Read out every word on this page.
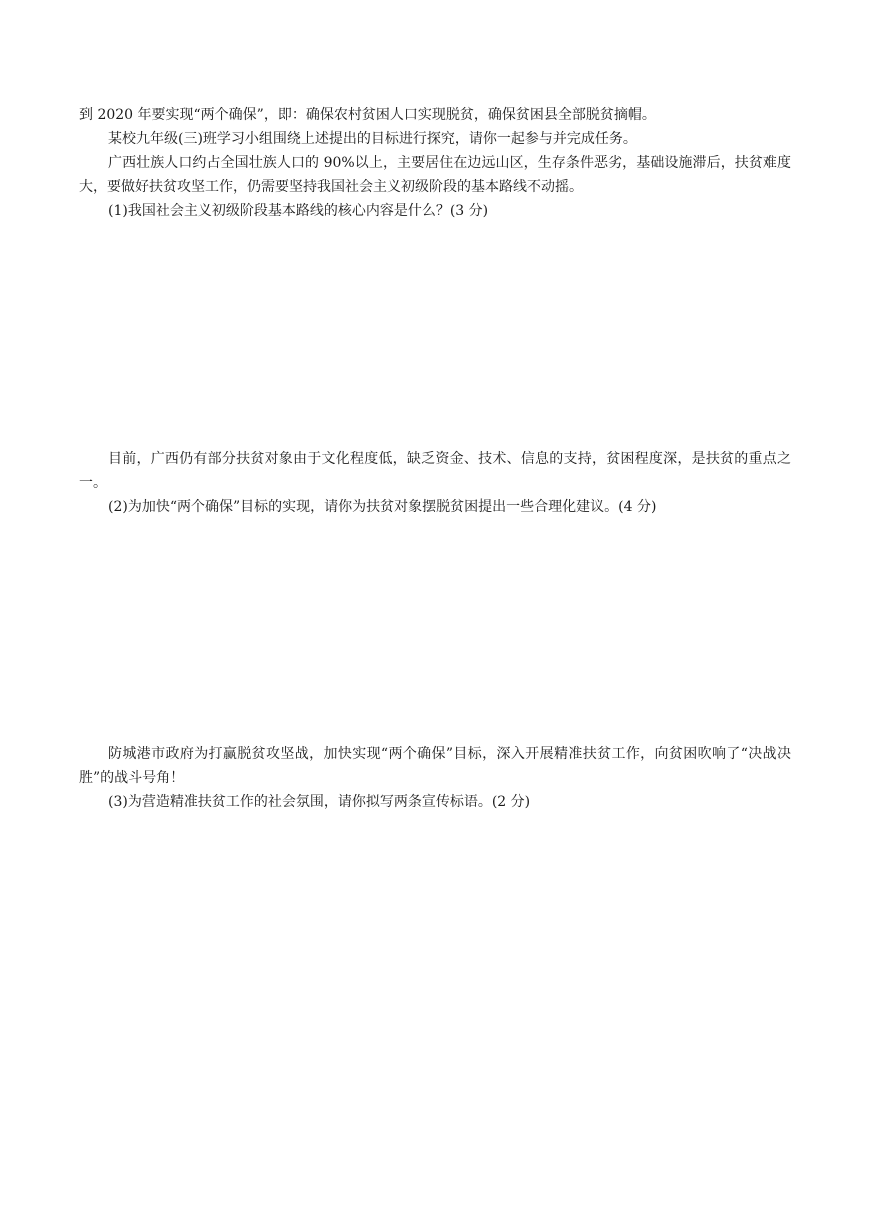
到 2020 年要实现“两个确保”，即：确保农村贫困人口实现脱贫，确保贫困县全部脱贫摘帽。

某校九年级(三)班学习小组围绕上述提出的目标进行探究，请你一起参与并完成任务。

广西壮族人口约占全国壮族人口的 90%以上，主要居住在边远山区，生存条件恶劣，基础设施滞后，扶贫难度大，要做好扶贫攻坚工作，仍需要坚持我国社会主义初级阶段的基本路线不动摇。

(1)我国社会主义初级阶段基本路线的核心内容是什么？(3 分)

目前，广西仍有部分扶贫对象由于文化程度低，缺乏资金、技术、信息的支持，贫困程度深，是扶贫的重点之一。

(2)为加快“两个确保”目标的实现，请你为扶贫对象摆脱贫困提出一些合理化建议。(4 分)

防城港市政府为打赢脱贫攻坚战，加快实现“两个确保”目标，深入开展精准扶贫工作，向贫困吹响了“决战决胜”的战斗号角！

(3)为营造精准扶贫工作的社会氛围，请你拟写两条宣传标语。(2 分)
